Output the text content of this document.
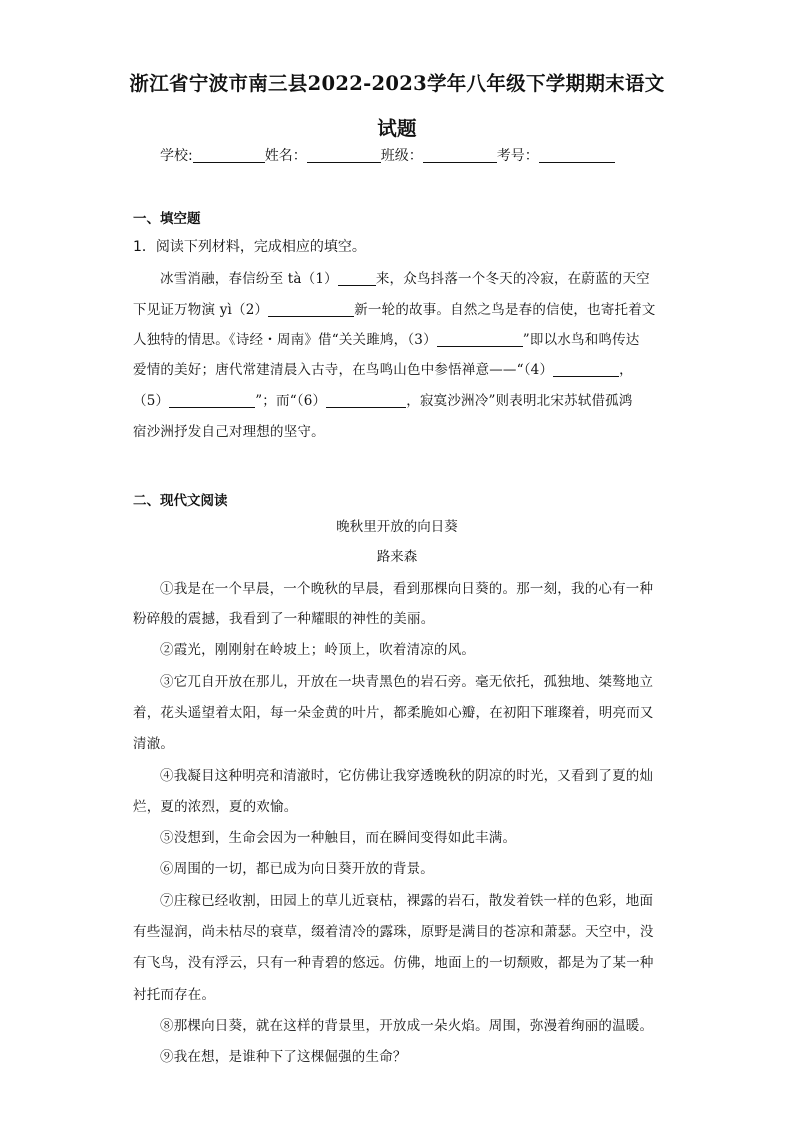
浙江省宁波市南三县2022-2023学年八年级下学期期末语文
试题
学校:	姓名：	班级：	考号：
一、填空题
1．阅读下列材料，完成相应的填空。
冰雪消融，春信纷至 tà（1）	来，众鸟抖落一个冬天的冷寂，在蔚蓝的天空
下见证万物演 yì（2）	新一轮的故事。自然之鸟是春的信使，也寄托着文
人独特的情思。《诗经・周南》借“关关雎鸠，（3）	”即以水鸟和鸣传达
爱情的美好；唐代常建清晨入古寺，在鸟鸣山色中参悟禅意——“（4）	，
（5）	”；而“（6）	，寂寞沙洲冷”则表明北宋苏轼借孤鸿
宿沙洲抒发自己对理想的坚守。
二、现代文阅读
晚秋里开放的向日葵
路来森
①我是在一个早晨，一个晚秋的早晨，看到那棵向日葵的。那一刻，我的心有一种
粉碎般的震撼，我看到了一种耀眼的神性的美丽。
②霞光，刚刚射在岭坡上；岭顶上，吹着清凉的风。
③它兀自开放在那儿，开放在一块青黑色的岩石旁。毫无依托，孤独地、桀骜地立
着，花头遥望着太阳，每一朵金黄的叶片，都柔脆如心瓣，在初阳下璀璨着，明亮而又
清澈。
④我凝目这种明亮和清澈时，它仿佛让我穿透晚秋的阴凉的时光，又看到了夏的灿
烂，夏的浓烈，夏的欢愉。
⑤没想到，生命会因为一种触目，而在瞬间变得如此丰满。
⑥周围的一切，都已成为向日葵开放的背景。
⑦庄稼已经收割，田园上的草儿近衰枯，裸露的岩石，散发着铁一样的色彩，地面
有些湿润，尚未枯尽的衰草，缀着清冷的露珠，原野是满目的苍凉和萧瑟。天空中，没
有飞鸟，没有浮云，只有一种青碧的悠远。仿佛，地面上的一切颓败，都是为了某一种
衬托而存在。
⑧那棵向日葵，就在这样的背景里，开放成一朵火焰。周围，弥漫着绚丽的温暖。
⑨我在想，是谁种下了这棵倔强的生命？
